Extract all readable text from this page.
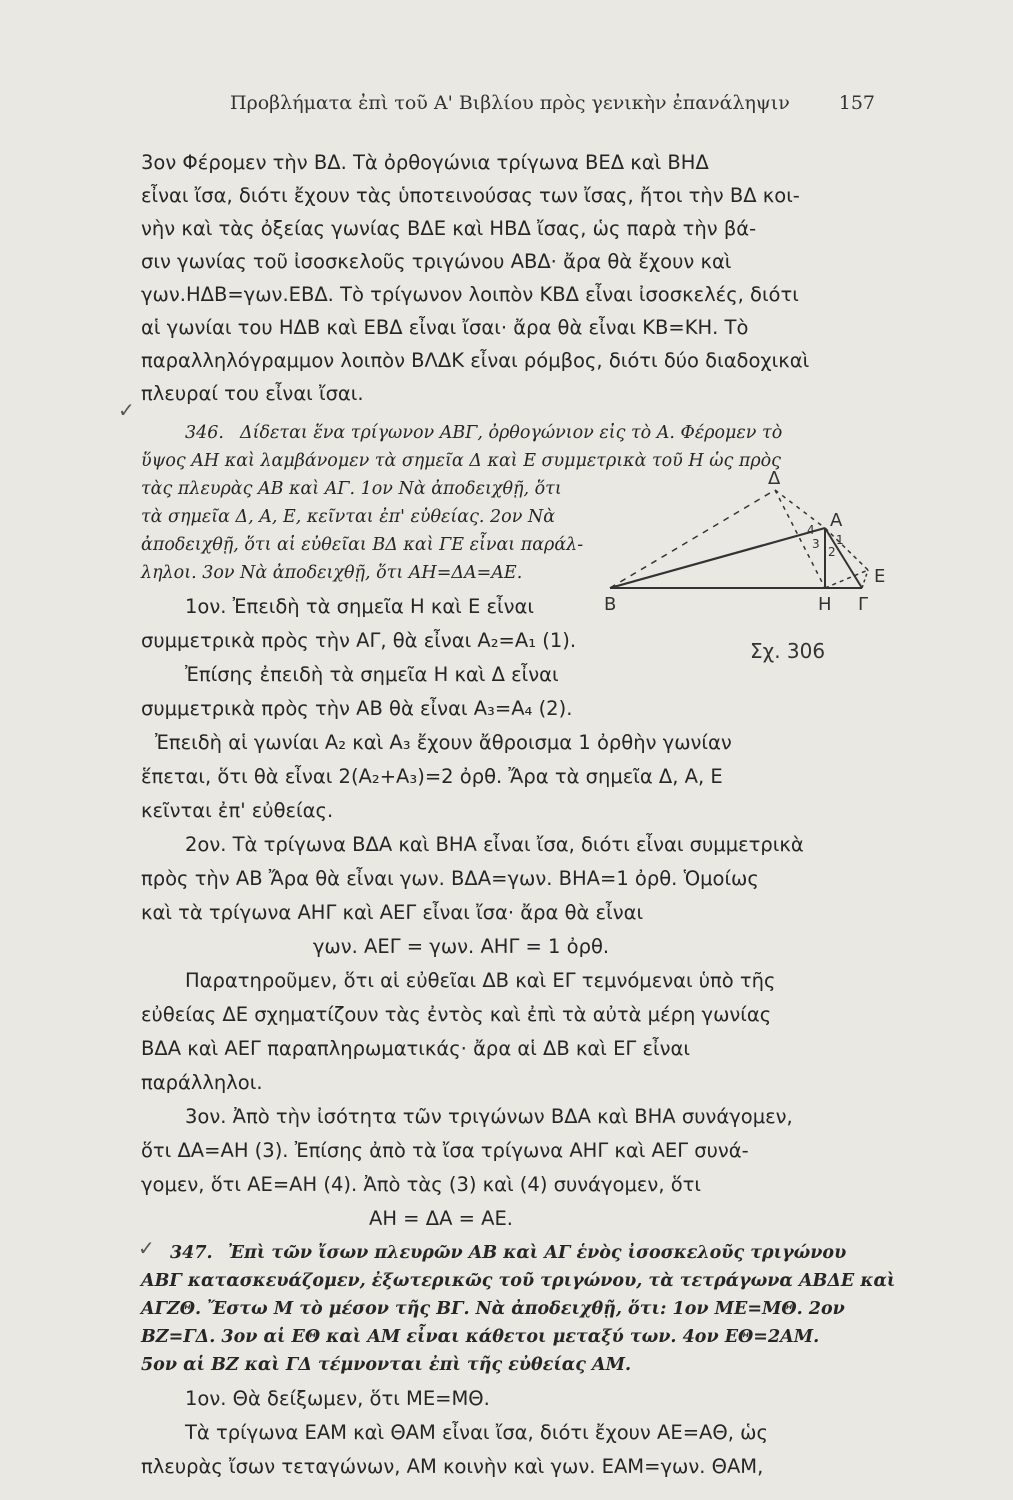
Προβλήματα ἐπὶ τοῦ Α' Βιβλίου πρὸς γενικὴν ἐπανάληψιν	157
3ον Φέρομεν τὴν ΒΔ. Τὰ ὀρθογώνια τρίγωνα ΒΕΔ καὶ ΒΗΔ
εἶναι ἴσα, διότι ἔχουν τὰς ὑποτεινούσας των ἴσας, ἤτοι τὴν ΒΔ κοι-
νὴν καὶ τὰς ὀξείας γωνίας ΒΔΕ καὶ ΗΒΔ ἴσας, ὡς παρὰ τὴν βά-
σιν γωνίας τοῦ ἰσοσκελοῦς τριγώνου ΑΒΔ· ἄρα θὰ ἔχουν καὶ
γων.ΗΔΒ=γων.ΕΒΔ. Τὸ τρίγωνον λοιπὸν ΚΒΔ εἶναι ἰσοσκελές, διότι
αἱ γωνίαι του ΗΔΒ καὶ ΕΒΔ εἶναι ἴσαι· ἄρα θὰ εἶναι ΚΒ=ΚΗ. Τὸ
παραλληλόγραμμον λοιπὸν ΒΛΔΚ εἶναι ρόμβος, διότι δύο διαδοχικαὶ
πλευραί του εἶναι ἴσαι.
✓
346. Δίδεται ἕνα τρίγωνον ΑΒΓ, ὀρθογώνιον εἰς τὸ Α. Φέρομεν τὸ
ὕψος ΑΗ καὶ λαμβάνομεν τὰ σημεῖα Δ καὶ Ε συμμετρικὰ τοῦ Η ὡς πρὸς
τὰς πλευρὰς ΑΒ καὶ ΑΓ. 1ον Νὰ ἀποδειχθῇ, ὅτι
τὰ σημεῖα Δ, Α, Ε, κεῖνται ἐπ' εὐθείας. 2ον Νὰ
ἀποδειχθῇ, ὅτι αἱ εὐθεῖαι ΒΔ καὶ ΓΕ εἶναι παράλ-
ληλοι. 3ον Νὰ ἀποδειχθῇ, ὅτι ΑΗ=ΔΑ=ΑΕ.
1ον. Ἐπειδὴ τὰ σημεῖα Η καὶ Ε εἶναι
συμμετρικὰ πρὸς τὴν ΑΓ, θὰ εἶναι Α₂=Α₁ (1).
Ἐπίσης ἐπειδὴ τὰ σημεῖα Η καὶ Δ εἶναι
συμμετρικὰ πρὸς τὴν ΑΒ θὰ εἶναι Α₃=Α₄ (2).
Ἐπειδὴ αἱ γωνίαι Α₂ καὶ Α₃ ἔχουν ἄθροισμα 1 ὀρθὴν γωνίαν
ἕπεται, ὅτι θὰ εἶναι 2(Α₂+Α₃)=2 ὀρθ. Ἄρα τὰ σημεῖα Δ, Α, Ε
κεῖνται ἐπ' εὐθείας.
2ον. Τὰ τρίγωνα ΒΔΑ καὶ ΒΗΑ εἶναι ἴσα, διότι εἶναι συμμετρικὰ
πρὸς τὴν ΑΒ Ἄρα θὰ εἶναι γων. ΒΔΑ=γων. ΒΗΑ=1 ὀρθ. Ὁμοίως
καὶ τὰ τρίγωνα ΑΗΓ καὶ ΑΕΓ εἶναι ἴσα· ἄρα θὰ εἶναι
γων. ΑΕΓ = γων. ΑΗΓ = 1 ὀρθ.
Παρατηροῦμεν, ὅτι αἱ εὐθεῖαι ΔΒ καὶ ΕΓ τεμνόμεναι ὑπὸ τῆς
εὐθείας ΔΕ σχηματίζουν τὰς ἐντὸς καὶ ἐπὶ τὰ αὐτὰ μέρη γωνίας
ΒΔΑ καὶ ΑΕΓ παραπληρωματικάς· ἄρα αἱ ΔΒ καὶ ΕΓ εἶναι
παράλληλοι.
3ον. Ἀπὸ τὴν ἰσότητα τῶν τριγώνων ΒΔΑ καὶ ΒΗΑ συνάγομεν,
ὅτι ΔΑ=ΑΗ (3). Ἐπίσης ἀπὸ τὰ ἴσα τρίγωνα ΑΗΓ καὶ ΑΕΓ συνά-
γομεν, ὅτι ΑΕ=ΑΗ (4). Ἀπὸ τὰς (3) καὶ (4) συνάγομεν, ὅτι
ΑΗ = ΔΑ = ΑΕ.
Δ
Α
Ε
Β	Η Γ
4
3
2
1
Σχ. 306
✓ 347. Ἐπὶ τῶν ἴσων πλευρῶν ΑΒ καὶ ΑΓ ἑνὸς ἰσοσκελοῦς τριγώνου
ΑΒΓ κατασκευάζομεν, ἐξωτερικῶς τοῦ τριγώνου, τὰ τετράγωνα ΑΒΔΕ καὶ
ΑΓΖΘ. Ἔστω Μ τὸ μέσον τῆς ΒΓ. Νὰ ἀποδειχθῇ, ὅτι: 1ον ΜΕ=ΜΘ. 2ον
ΒΖ=ΓΔ. 3ον αἱ ΕΘ καὶ ΑΜ εἶναι κάθετοι μεταξύ των. 4ον ΕΘ=2ΑΜ.
5ον αἱ ΒΖ καὶ ΓΔ τέμνονται ἐπὶ τῆς εὐθείας ΑΜ.
1ον. Θὰ δείξωμεν, ὅτι ΜΕ=ΜΘ.
Τὰ τρίγωνα ΕΑΜ καὶ ΘΑΜ εἶναι ἴσα, διότι ἔχουν ΑΕ=ΑΘ, ὡς
πλευρὰς ἴσων τεταγώνων, ΑΜ κοινὴν καὶ γων. ΕΑΜ=γων. ΘΑΜ,
